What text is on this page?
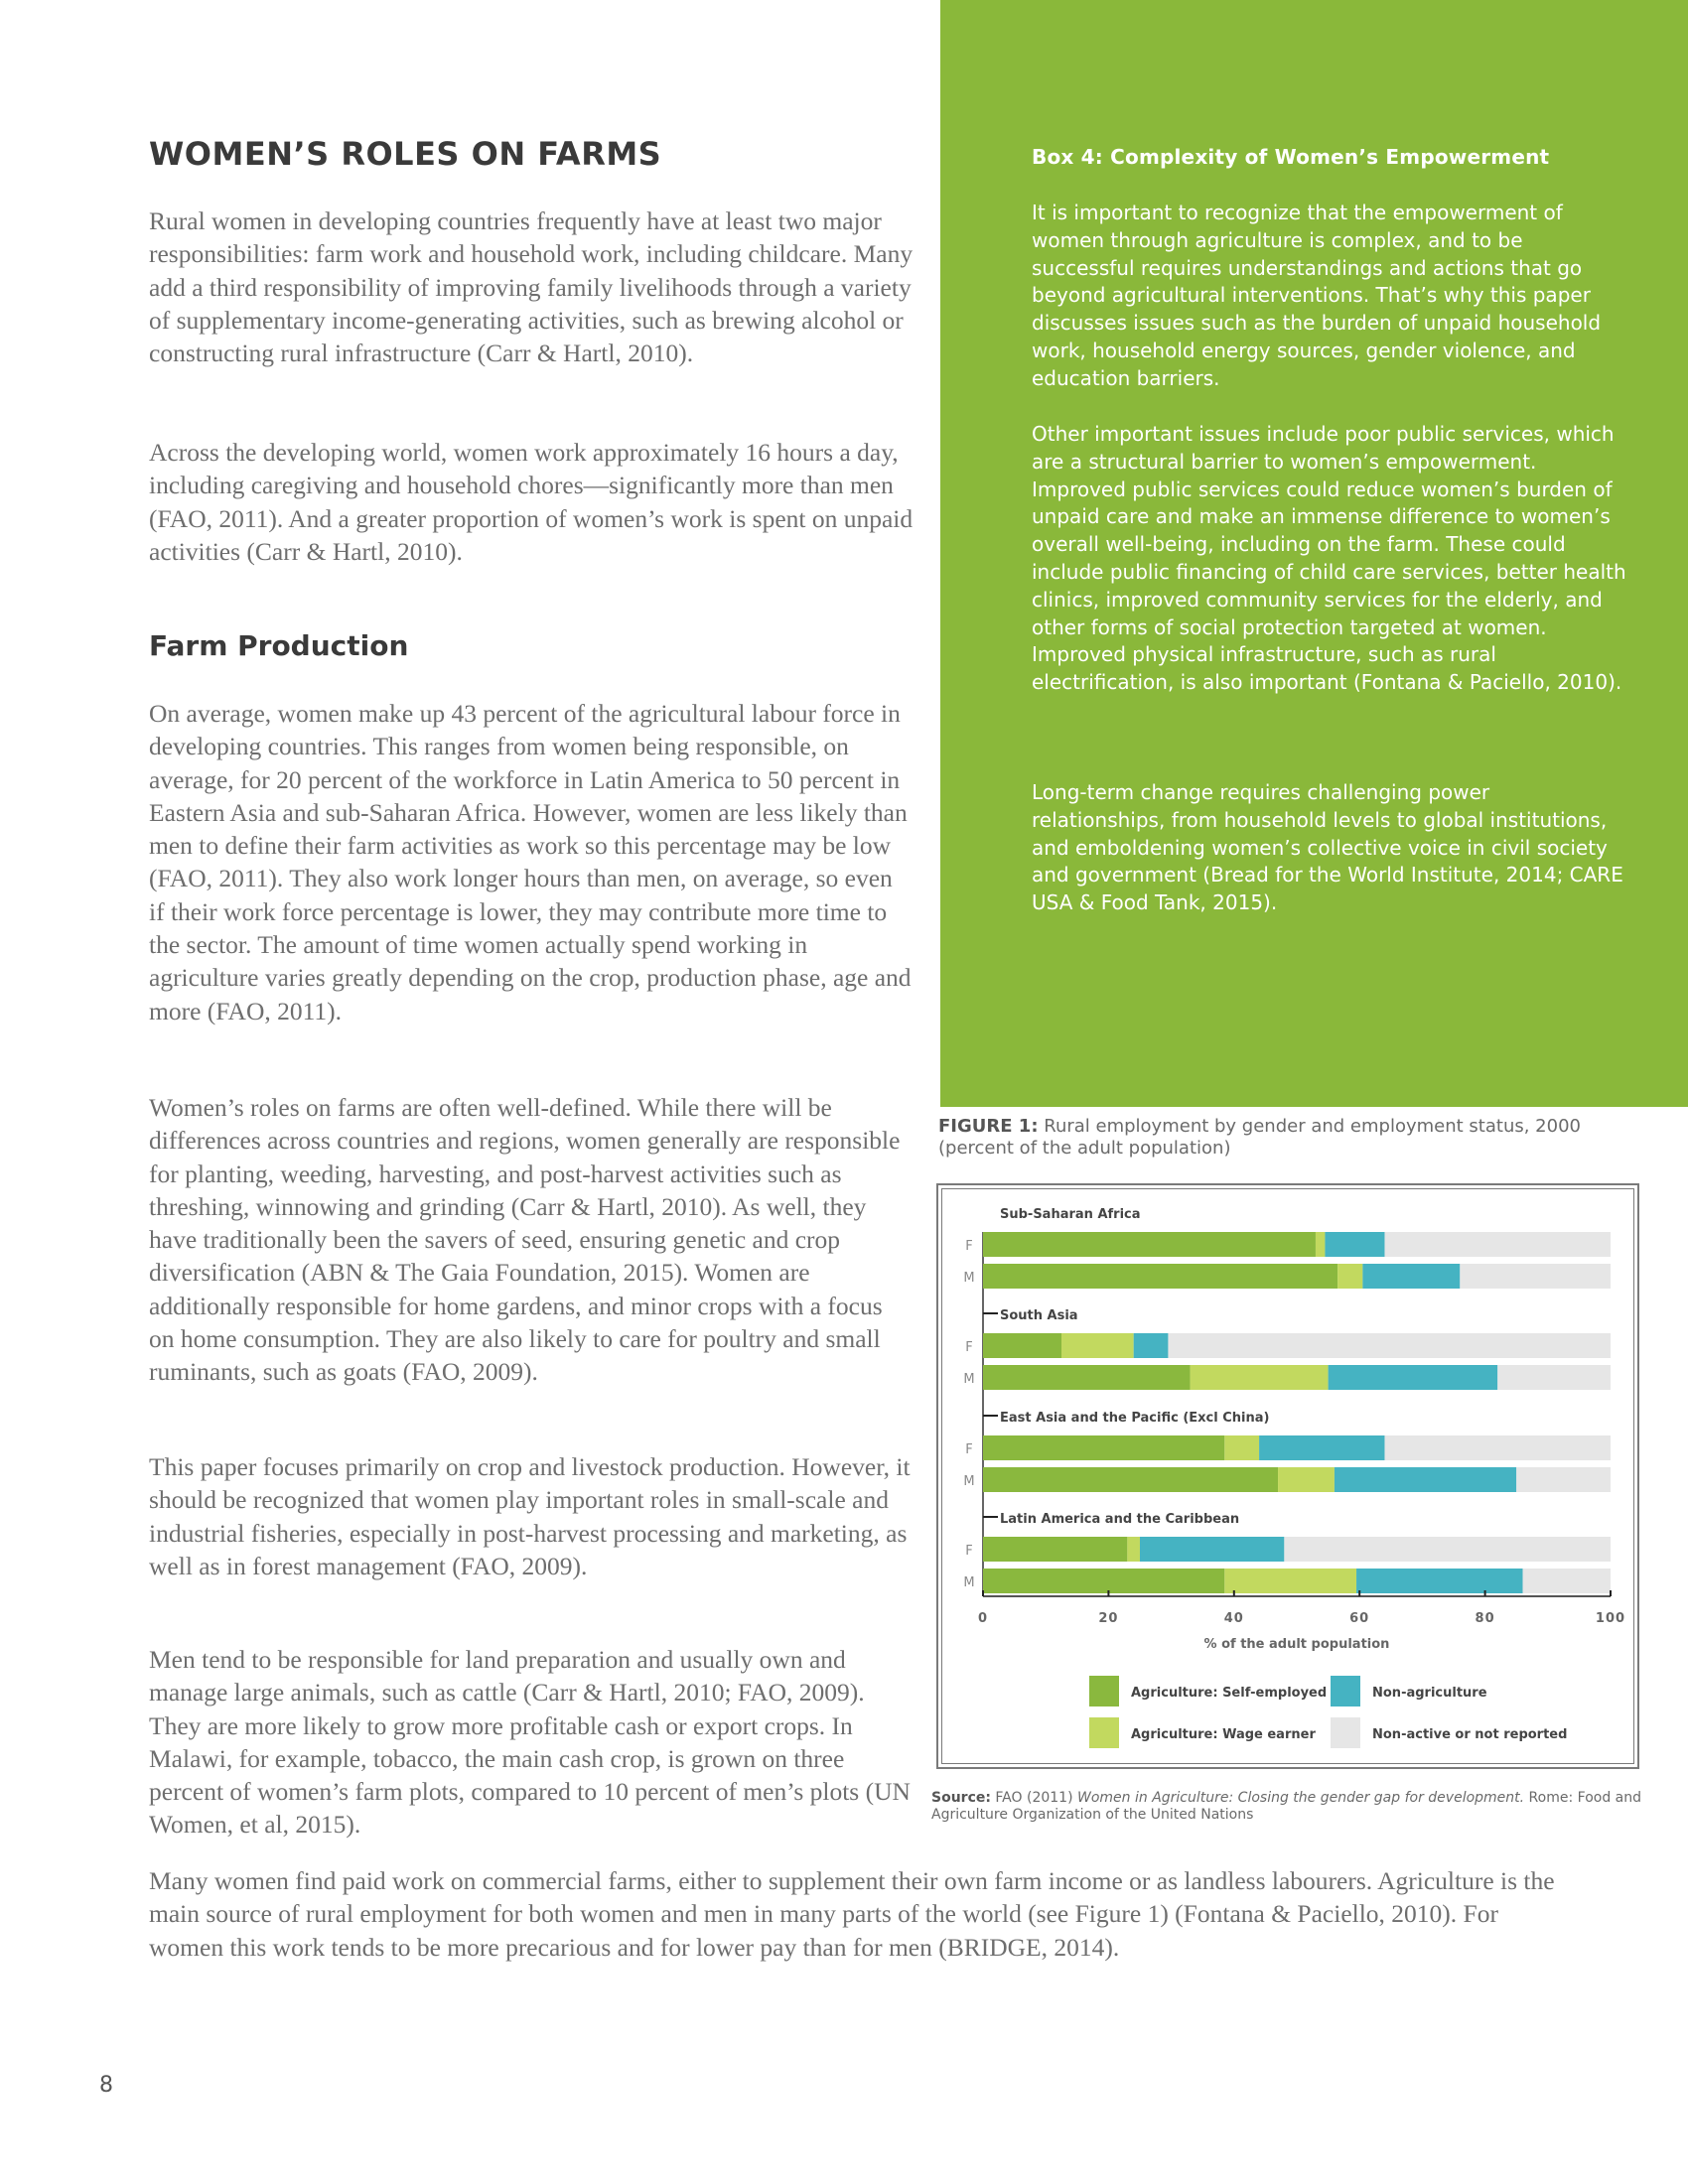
WOMEN’S ROLES ON FARMS

Rural women in developing countries frequently have at least two major responsibilities: farm work and household work, including childcare. Many add a third responsibility of improving family livelihoods through a variety of supplementary income-generating activities, such as brewing alcohol or constructing rural infrastructure (Carr & Hartl, 2010).

Across the developing world, women work approximately 16 hours a day, including caregiving and household chores—significantly more than men (FAO, 2011). And a greater proportion of women’s work is spent on unpaid activities (Carr & Hartl, 2010).

Farm Production

On average, women make up 43 percent of the agricultural labour force in developing countries. This ranges from women being responsible, on average, for 20 percent of the workforce in Latin America to 50 percent in Eastern Asia and sub-Saharan Africa. However, women are less likely than men to define their farm activities as work so this percentage may be low (FAO, 2011). They also work longer hours than men, on average, so even if their work force percentage is lower, they may contribute more time to the sector. The amount of time women actually spend working in agriculture varies greatly depending on the crop, production phase, age and more (FAO, 2011).

Women’s roles on farms are often well-defined. While there will be differences across countries and regions, women generally are responsible for planting, weeding, harvesting, and post-harvest activities such as threshing, winnowing and grinding (Carr & Hartl, 2010). As well, they have traditionally been the savers of seed, ensuring genetic and crop diversification (ABN & The Gaia Foundation, 2015). Women are additionally responsible for home gardens, and minor crops with a focus on home consumption. They are also likely to care for poultry and small ruminants, such as goats (FAO, 2009).

This paper focuses primarily on crop and livestock production. However, it should be recognized that women play important roles in small-scale and industrial fisheries, especially in post-harvest processing and marketing, as well as in forest management (FAO, 2009).

Men tend to be responsible for land preparation and usually own and manage large animals, such as cattle (Carr & Hartl, 2010; FAO, 2009). They are more likely to grow more profitable cash or export crops. In Malawi, for example, tobacco, the main cash crop, is grown on three percent of women’s farm plots, compared to 10 percent of men’s plots (UN Women, et al, 2015).

Box 4: Complexity of Women’s Empowerment

It is important to recognize that the empowerment of women through agriculture is complex, and to be successful requires understandings and actions that go beyond agricultural interventions. That’s why this paper discusses issues such as the burden of unpaid household work, household energy sources, gender violence, and education barriers.

Other important issues include poor public services, which are a structural barrier to women’s empowerment. Improved public services could reduce women’s burden of unpaid care and make an immense difference to women’s overall well-being, including on the farm. These could include public financing of child care services, better health clinics, improved community services for the elderly, and other forms of social protection targeted at women. Improved physical infrastructure, such as rural electrification, is also important (Fontana & Paciello, 2010).

Long-term change requires challenging power relationships, from household levels to global institutions, and emboldening women’s collective voice in civil society and government (Bread for the World Institute, 2014; CARE USA & Food Tank, 2015).

FIGURE 1: Rural employment by gender and employment status, 2000 (percent of the adult population)
Sub-Saharan Africa
F
M
South Asia
F
M
East Asia and the Pacific (Excl China)
F
M
Latin America and the Caribbean
F
M
0	20	40	60	80	100
% of the adult population
Agriculture: Self-employed
Agriculture: Wage earner
Non-agriculture
Non-active or not reported
Source: FAO (2011) Women in Agriculture: Closing the gender gap for development. Rome: Food and Agriculture Organization of the United Nations

Many women find paid work on commercial farms, either to supplement their own farm income or as landless labourers. Agriculture is the main source of rural employment for both women and men in many parts of the world (see Figure 1) (Fontana & Paciello, 2010). For women this work tends to be more precarious and for lower pay than for men (BRIDGE, 2014).

8
